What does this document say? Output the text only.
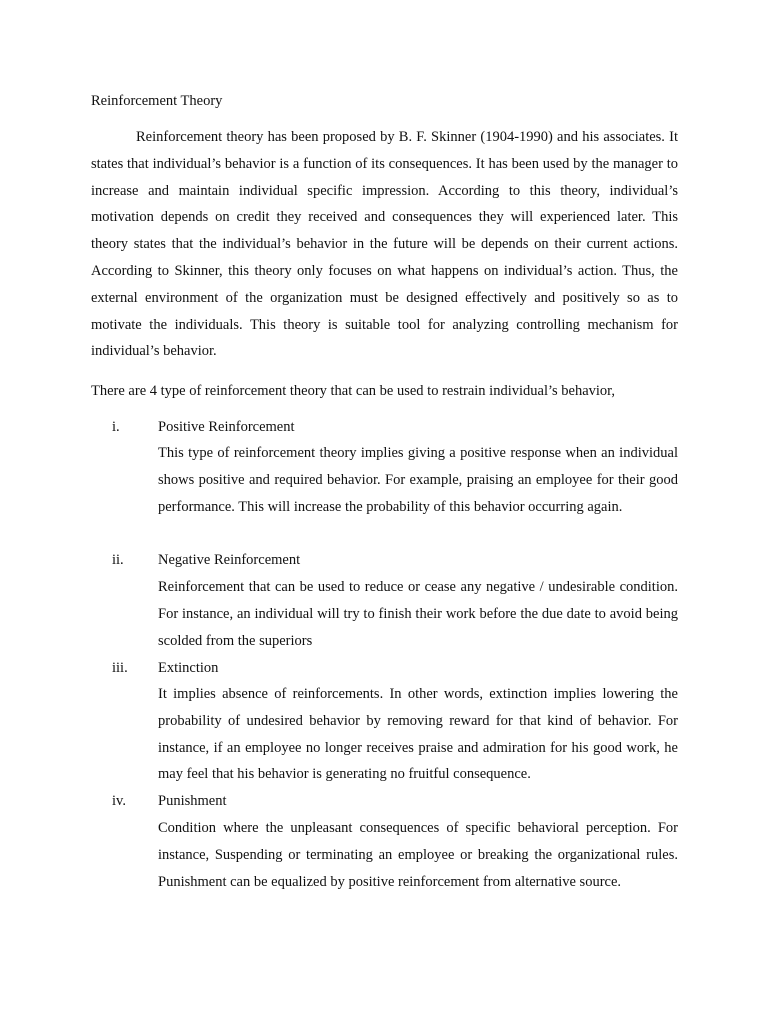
Reinforcement Theory

Reinforcement theory has been proposed by B. F. Skinner (1904-1990) and his associates. It states that individual’s behavior is a function of its consequences. It has been used by the manager to increase and maintain individual specific impression. According to this theory, individual’s motivation depends on credit they received and consequences they will experienced later. This theory states that the individual’s behavior in the future will be depends on their current actions. According to Skinner, this theory only focuses on what happens on individual’s action. Thus, the external environment of the organization must be designed effectively and positively so as to motivate the individuals. This theory is suitable tool for analyzing controlling mechanism for individual’s behavior.

There are 4 type of reinforcement theory that can be used to restrain individual’s behavior,

i.	Positive Reinforcement

This type of reinforcement theory implies giving a positive response when an individual shows positive and required behavior. For example, praising an employee for their good performance. This will increase the probability of this behavior occurring again.

ii. Negative Reinforcement

Reinforcement that can be used to reduce or cease any negative / undesirable condition. For instance, an individual will try to finish their work before the due date to avoid being scolded from the superiors

iii. Extinction

It implies absence of reinforcements. In other words, extinction implies lowering the probability of undesired behavior by removing reward for that kind of behavior. For instance, if an employee no longer receives praise and admiration for his good work, he may feel that his behavior is generating no fruitful consequence.

iv. Punishment

Condition where the unpleasant consequences of specific behavioral perception. For instance, Suspending or terminating an employee or breaking the organizational rules. Punishment can be equalized by positive reinforcement from alternative source.
